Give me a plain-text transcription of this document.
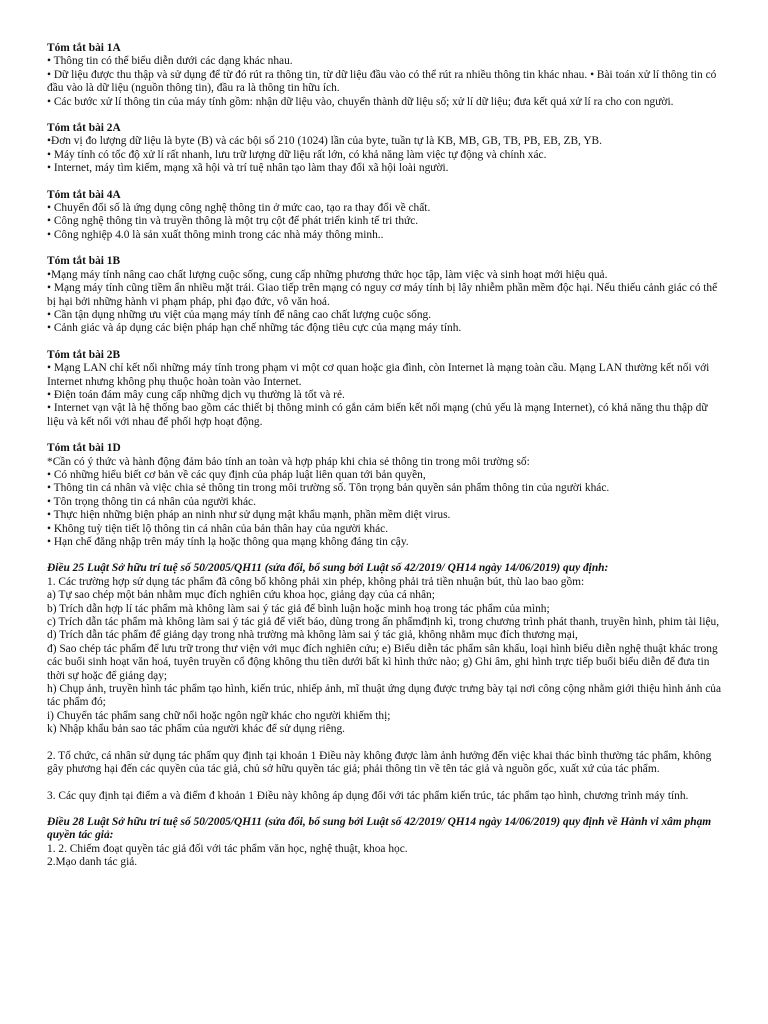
Tóm tắt bài 1A
• Thông tin có thể biểu diễn dưới các dạng khác nhau.
• Dữ liệu được thu thập và sử dụng để từ đó rút ra thông tin, từ dữ liệu đầu vào có thể rút ra nhiều thông tin khác nhau. • Bài toán xử lí thông tin có đầu vào là dữ liệu (nguồn thông tin), đầu ra là thông tin hữu ích.
• Các bước xử lí thông tin của máy tính gồm: nhận dữ liệu vào, chuyển thành dữ liệu số; xử lí dữ liệu; đưa kết quả xử lí ra cho con người.
Tóm tắt bài 2A
•Đơn vị đo lượng dữ liệu là byte (B) và các bội số 210 (1024) lần của byte, tuần tự là KB, MB, GB, TB, PB, EB, ZB, YB.
• Máy tính có tốc độ xử lí rất nhanh, lưu trữ lượng dữ liệu rất lớn, có khả năng làm việc tự động và chính xác.
• Internet, máy tìm kiếm, mạng xã hội và trí tuệ nhân tạo làm thay đổi xã hội loài người.
Tóm tắt bài 4A
• Chuyển đổi số là ứng dụng công nghệ thông tin ở mức cao, tạo ra thay đổi về chất.
• Công nghệ thông tin và truyền thông là một trụ cột để phát triển kinh tế tri thức.
• Công nghiệp 4.0 là sản xuất thông minh trong các nhà máy thông minh..
Tóm tắt bài 1B
•Mạng máy tính nâng cao chất lượng cuộc sống, cung cấp những phương thức học tập, làm việc và sinh hoạt mới hiệu quả.
• Mạng máy tính cũng tiềm ẩn nhiều mặt trái. Giao tiếp trên mạng có nguy cơ máy tính bị lây nhiễm phần mềm độc hại. Nếu thiếu cảnh giác có thể bị hại bởi những hành vi phạm pháp, phi đạo đức, vô văn hoá.
• Cần tận dụng những ưu việt của mạng máy tính để nâng cao chất lượng cuộc sống.
• Cảnh giác và áp dụng các biện pháp hạn chế những tác động tiêu cực của mạng máy tính.
Tóm tắt bài 2B
• Mạng LAN chỉ kết nối những máy tính trong phạm vi một cơ quan hoặc gia đình, còn Internet là mạng toàn cầu. Mạng LAN thường kết nối với Internet nhưng không phụ thuộc hoàn toàn vào Internet.
• Điện toán đám mây cung cấp những dịch vụ thường là tốt và rẻ.
• Internet vạn vật là hệ thống bao gồm các thiết bị thông minh có gắn cảm biến kết nối mạng (chủ yếu là mạng Internet), có khả năng thu thập dữ liệu và kết nối với nhau để phối hợp hoạt động.
Tóm tắt bài 1D
*Cần có ý thức và hành động đảm bảo tính an toàn và hợp pháp khi chia sẻ thông tin trong môi trường số:
• Có những hiểu biết cơ bản về các quy định của pháp luật liên quan tới bản quyền,
• Thông tin cá nhân và việc chia sẻ thông tin trong môi trường số. Tôn trọng bản quyền sản phẩm thông tin của người khác.
• Tôn trọng thông tin cá nhân của người khác.
• Thực hiện những biện pháp an ninh như sử dụng mật khẩu mạnh, phần mềm diệt virus.
• Không tuỳ tiện tiết lộ thông tin cá nhân của bản thân hay của người khác.
• Hạn chế đăng nhập trên máy tính lạ hoặc thông qua mạng không đáng tin cậy.
Điều 25 Luật Sở hữu trí tuệ số 50/2005/QH11 (sửa đổi, bổ sung bởi Luật số 42/2019/ QH14 ngày 14/06/2019) quy định:
1. Các trường hợp sử dụng tác phẩm đã công bố không phải xin phép, không phải trả tiền nhuận bút, thù lao bao gồm:
a) Tự sao chép một bản nhằm mục đích nghiên cứu khoa học, giảng dạy của cá nhân;
b) Trích dẫn hợp lí tác phẩm mà không làm sai ý tác giả để bình luận hoặc minh hoạ trong tác phẩm của mình;
c) Trích dẫn tác phẩm mà không làm sai ý tác giả để viết báo, dùng trong ấn phẩmđịnh kì, trong chương trình phát thanh, truyền hình, phim tài liệu,
d) Trích dẫn tác phẩm để giảng dạy trong nhà trường mà không làm sai ý tác giả, không nhằm mục đích thương mại,
đ) Sao chép tác phẩm để lưu trữ trong thư viện với mục đích nghiên cứu; e) Biểu diễn tác phẩm sân khấu, loại hình biểu diễn nghệ thuật khác trong các buổi sinh hoạt văn hoá, tuyên truyền cổ động không thu tiền dưới bất kì hình thức nào; g) Ghi âm, ghi hình trực tiếp buổi biểu diễn để đưa tin thời sự hoặc để giảng dạy;
h) Chụp ảnh, truyền hình tác phẩm tạo hình, kiến trúc, nhiếp ảnh, mĩ thuật ứng dụng được trưng bày tại nơi công cộng nhằm giới thiệu hình ảnh của tác phẩm đó;
i) Chuyển tác phẩm sang chữ nổi hoặc ngôn ngữ khác cho người khiếm thị;
k) Nhập khẩu bản sao tác phẩm của người khác để sử dụng riêng.
2. Tổ chức, cá nhân sử dụng tác phẩm quy định tại khoản 1 Điều này không được làm ảnh hưởng đến việc khai thác bình thường tác phẩm, không gây phương hại đến các quyền của tác giả, chủ sở hữu quyền tác giả; phải thông tin về tên tác giả và nguồn gốc, xuất xứ của tác phẩm.
3. Các quy định tại điểm a và điểm đ khoản 1 Điều này không áp dụng đối với tác phẩm kiến trúc, tác phẩm tạo hình, chương trình máy tính.
Điều 28 Luật Sở hữu trí tuệ số 50/2005/QH11 (sửa đổi, bổ sung bởi Luật số 42/2019/ QH14 ngày 14/06/2019) quy định về Hành vi xâm phạm quyền tác giả:
1. 2. Chiếm đoạt quyền tác giả đối với tác phẩm văn học, nghệ thuật, khoa học.
2.Mạo danh tác giả.
